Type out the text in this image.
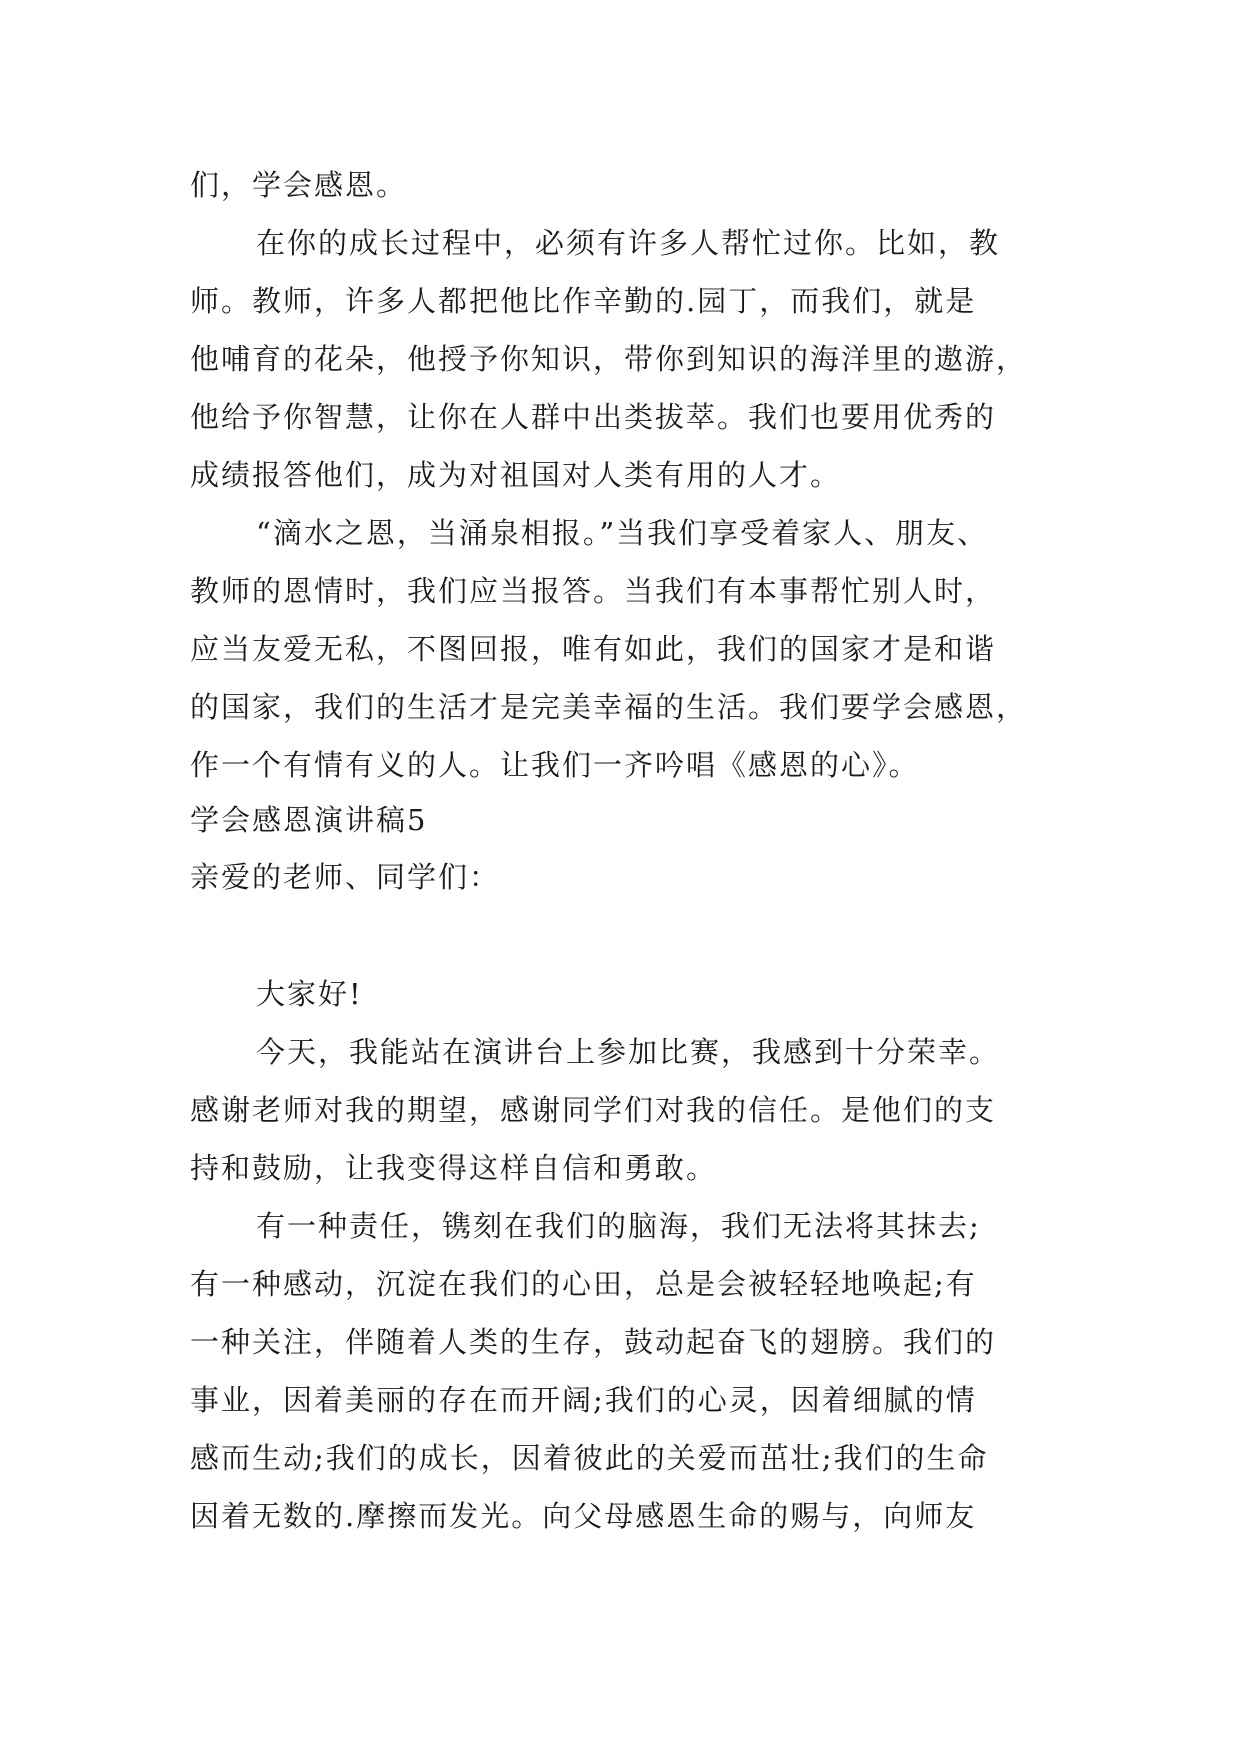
们，学会感恩。
在你的成长过程中，必须有许多人帮忙过你。比如，教
师。教师，许多人都把他比作辛勤的.园丁，而我们，就是
他哺育的花朵，他授予你知识，带你到知识的海洋里的遨游，
他给予你智慧，让你在人群中出类拔萃。我们也要用优秀的
成绩报答他们，成为对祖国对人类有用的人才。
“滴水之恩，当涌泉相报。”当我们享受着家人、朋友、
教师的恩情时，我们应当报答。当我们有本事帮忙别人时，
应当友爱无私，不图回报，唯有如此，我们的国家才是和谐
的国家，我们的生活才是完美幸福的生活。我们要学会感恩，
作一个有情有义的人。让我们一齐吟唱《感恩的心》。
学会感恩演讲稿5
亲爱的老师、同学们：
大家好!
今天，我能站在演讲台上参加比赛，我感到十分荣幸。
感谢老师对我的期望，感谢同学们对我的信任。是他们的支
持和鼓励，让我变得这样自信和勇敢。
有一种责任，镌刻在我们的脑海，我们无法将其抹去;
有一种感动，沉淀在我们的心田，总是会被轻轻地唤起;有
一种关注，伴随着人类的生存，鼓动起奋飞的翅膀。我们的
事业，因着美丽的存在而开阔;我们的心灵，因着细腻的情
感而生动;我们的成长，因着彼此的关爱而茁壮;我们的生命
因着无数的.摩擦而发光。向父母感恩生命的赐与，向师友
